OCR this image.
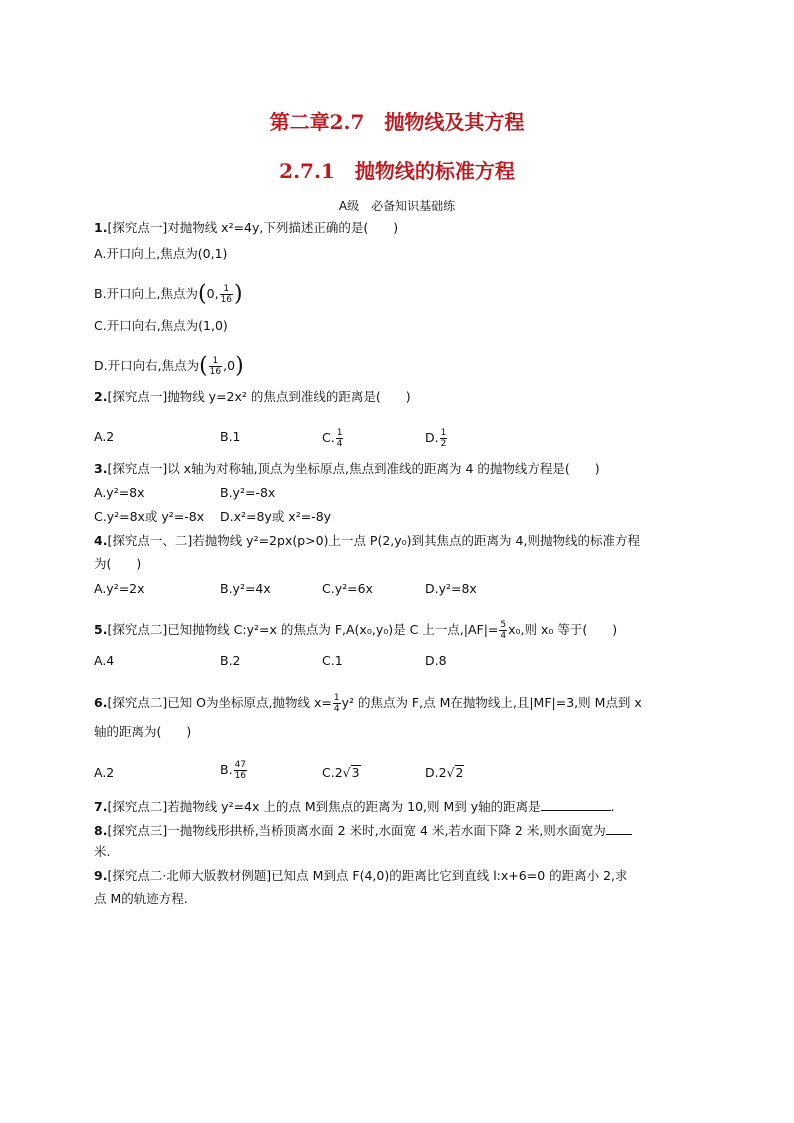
第二章2.7　抛物线及其方程
2.7.1　抛物线的标准方程
A级　必备知识基础练
1.[探究点一]对抛物线 x²=4y,下列描述正确的是(　　)
A.开口向上,焦点为(0,1)
B.开口向上,焦点为(0, $\frac{1}{16}$ )
C.开口向右,焦点为(1,0)
D.开口向右,焦点为( $\frac{1}{16} ,0$)
2.[探究点一]抛物线 y=2x² 的焦点到准线的距离是(　　)
A.2	B.1	C. $\frac{1}{4}$	D. $\frac{1}{2}$
3.[探究点一]以 x轴为对称轴,顶点为坐标原点,焦点到准线的距离为 4 的抛物线方程是(　　)
A.y²=8x	B.y²=-8x
C.y²=8x或 y²=-8x D.x²=8y或 x²=-8y
4.[探究点一、二]若抛物线 y²=2px(p>0)上一点 P(2,y₀)到其焦点的距离为 4,则抛物线的标准方程
为(　　)
A.y²=2x	B.y²=4x	C.y²=6x	D.y²=8x
5.[探究点二]已知抛物线 C:y²=x 的焦点为 F,A(x₀,y₀)是 C 上一点$,|AF|= \frac{5}{4} x_0$,则 x₀ 等于(　　)
A.4	B.2	C.1	D.8
6.[探究点二]已知 O为坐标原点,抛物线 $x= \frac{1}{4} y^2$ 的焦点为 F,点 M在抛物线上,且|MF|=3,则 M点到 x
轴的距离为(　　)
A.2	B. $\frac{47}{16}$	C.2√3	D.2√2
7.[探究点二]若抛物线 y²=4x 上的点 M到焦点的距离为 10,则 M到 y轴的距离是	.
8.[探究点三]一抛物线形拱桥,当桥顶离水面 2 米时,水面宽 4 米,若水面下降 2 米,则水面宽为
米.
9.[探究点二·北师大版教材例题]已知点 M到点 F(4,0)的距离比它到直线 l:x+6=0 的距离小 2,求
点 M的轨迹方程.
